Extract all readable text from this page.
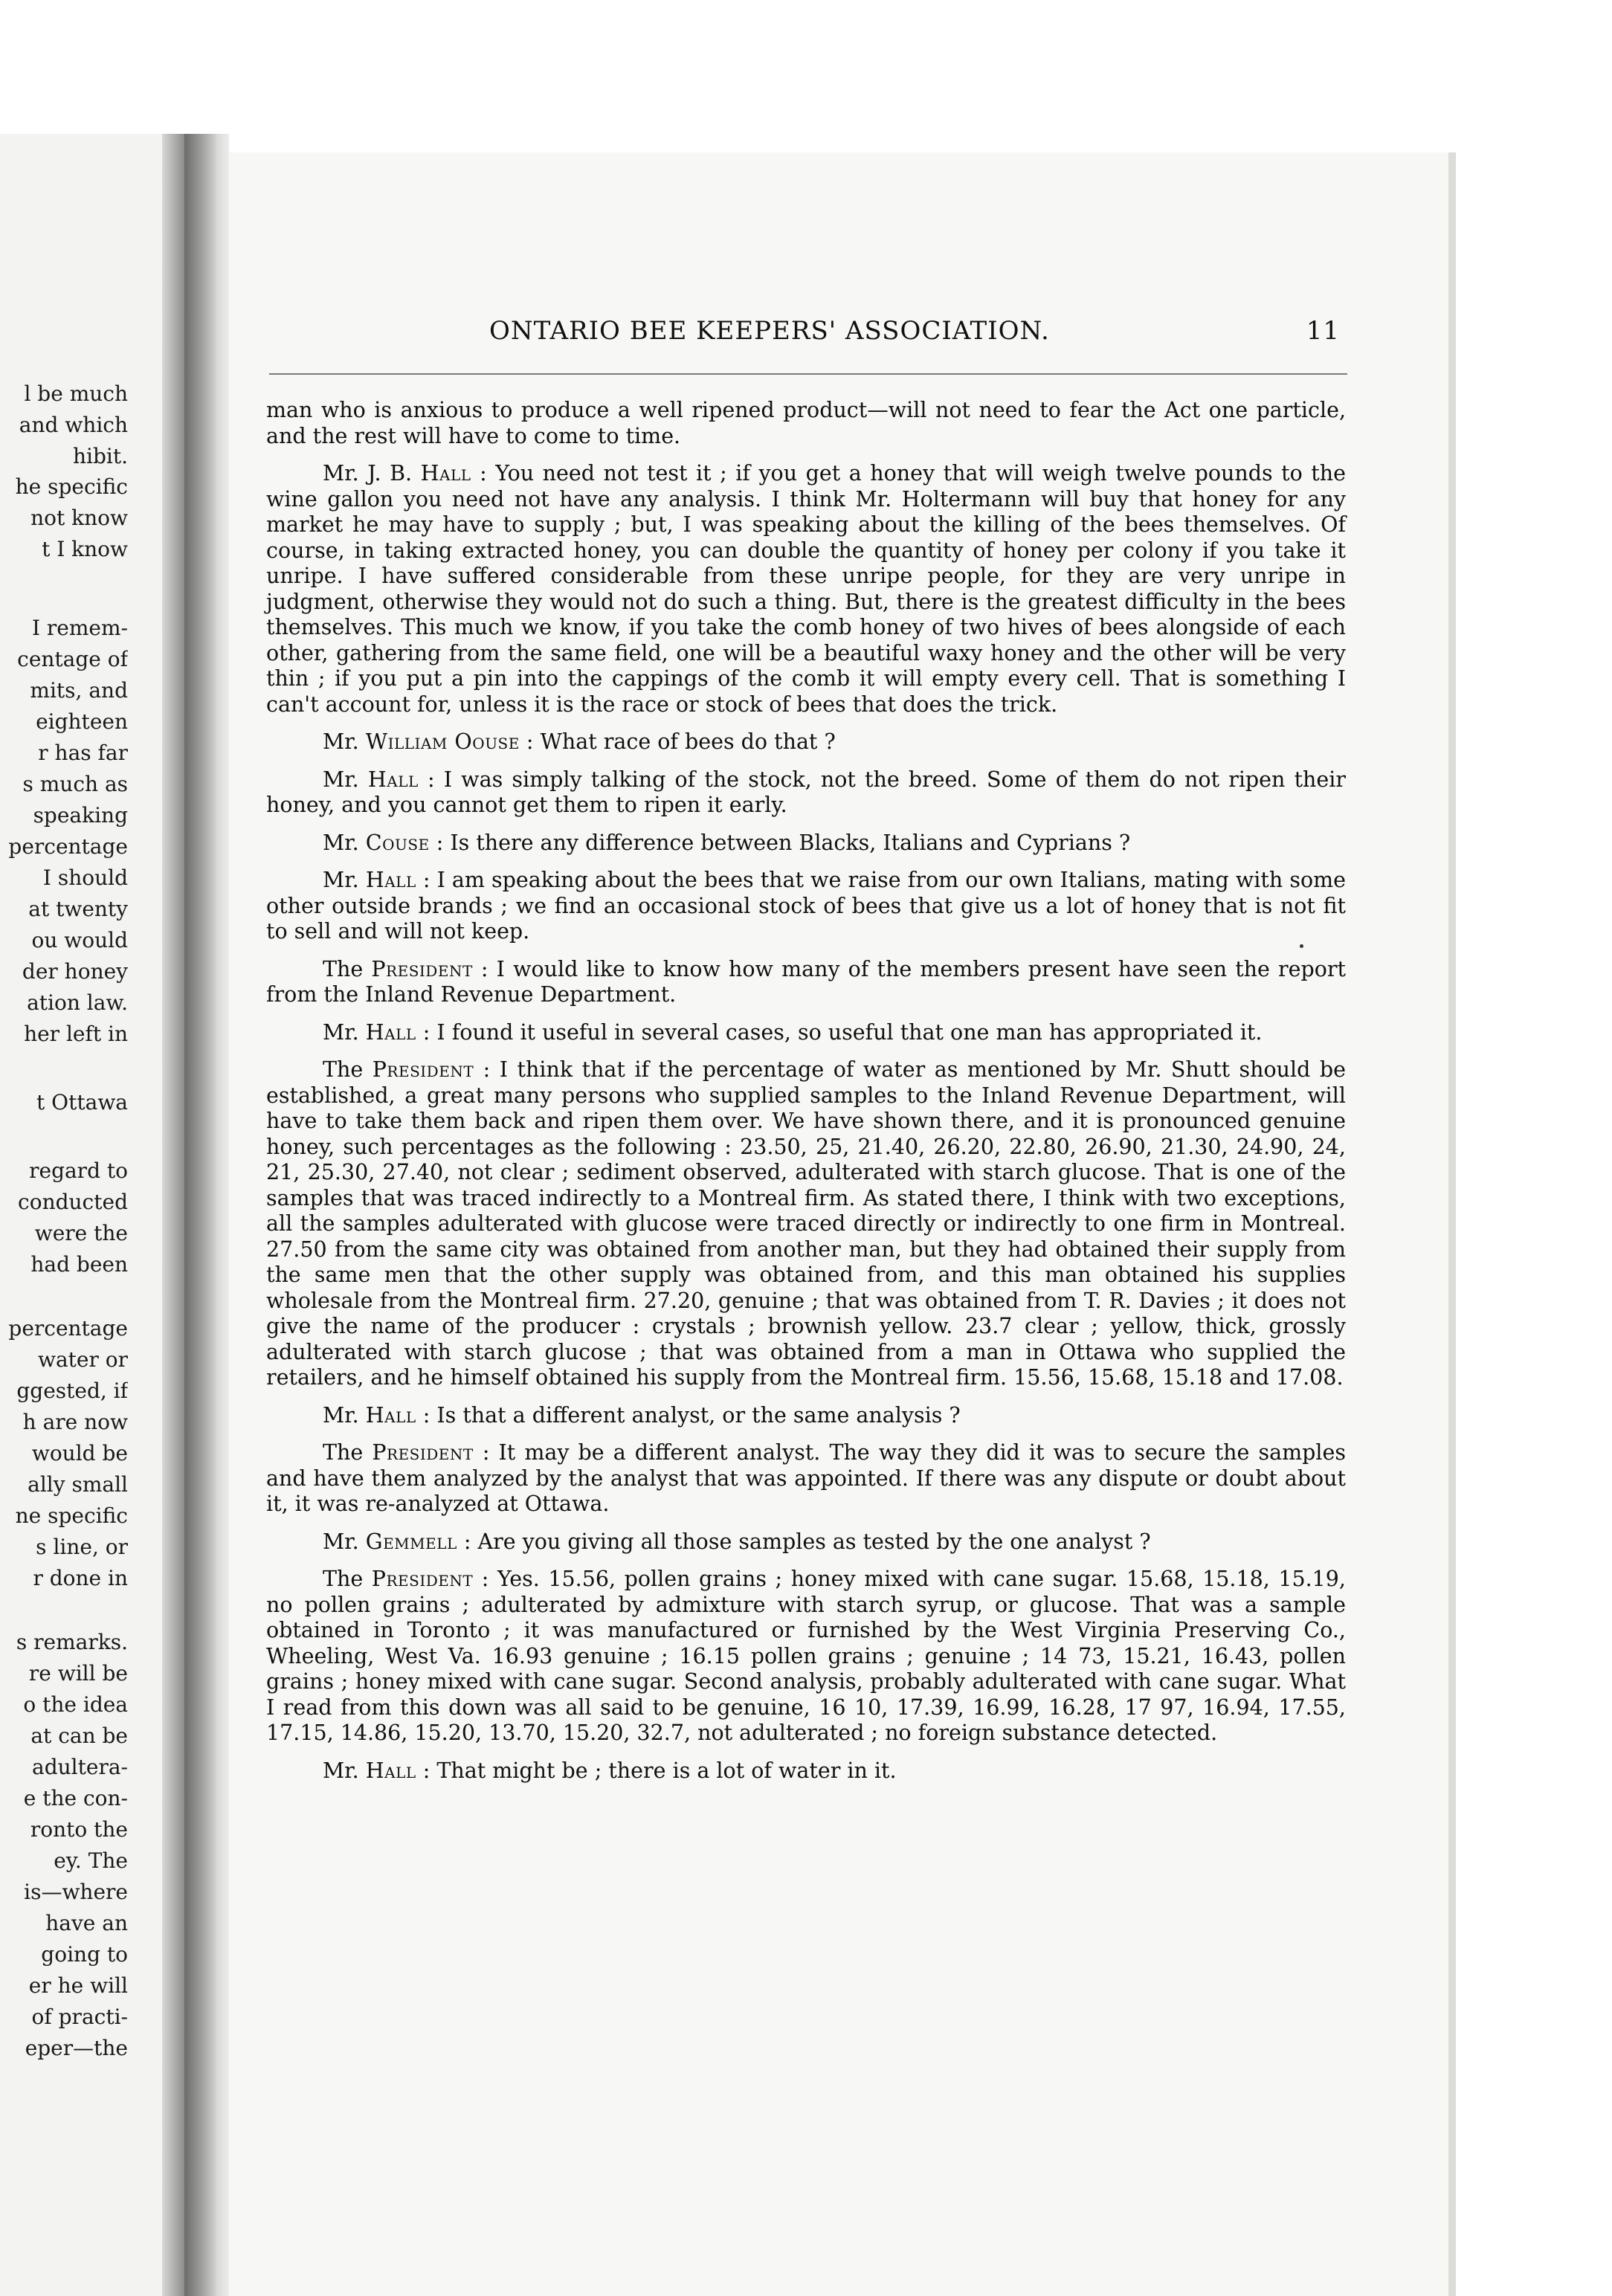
l be much
and which
hibit.
he specific
not know
t I know
I remem-
centage of
mits, and
eighteen
r has far
s much as
speaking
percentage
I should
at twenty
ou would
der honey
ation law.
her left in
t Ottawa
regard to
conducted
were the
had been
percentage
water or
ggested, if
h are now
would be
ally small
ne specific
s line, or
r done in
s remarks.
re will be
o the idea
at can be
adultera-
e the con-
ronto the
ey. The
is—where
have an
going to
er he will
of practi-
eper—the
ONTARIO BEE KEEPERS' ASSOCIATION.	11

man who is anxious to produce a well ripened product—will not need to fear the Act one particle, and the rest will have to come to time.

Mr. J. B. Hall : You need not test it ; if you get a honey that will weigh twelve pounds to the wine gallon you need not have any analysis. I think Mr. Holtermann will buy that honey for any market he may have to supply ; but, I was speaking about the killing of the bees themselves. Of course, in taking extracted honey, you can double the quantity of honey per colony if you take it unripe. I have suffered considerable from these unripe people, for they are very unripe in judgment, otherwise they would not do such a thing. But, there is the greatest difficulty in the bees themselves. This much we know, if you take the comb honey of two hives of bees alongside of each other, gathering from the same field, one will be a beautiful waxy honey and the other will be very thin ; if you put a pin into the cappings of the comb it will empty every cell. That is something I can't account for, unless it is the race or stock of bees that does the trick.

Mr. William Oouse : What race of bees do that ?

Mr. Hall : I was simply talking of the stock, not the breed. Some of them do not ripen their honey, and you cannot get them to ripen it early.

Mr. Couse : Is there any difference between Blacks, Italians and Cyprians ?

Mr. Hall : I am speaking about the bees that we raise from our own Italians, mating with some other outside brands ; we find an occasional stock of bees that give us a lot of honey that is not fit to sell and will not keep.

The President : I would like to know how many of the members present have seen the report from the Inland Revenue Department.

Mr. Hall : I found it useful in several cases, so useful that one man has appropriated it.

The President : I think that if the percentage of water as mentioned by Mr. Shutt should be established, a great many persons who supplied samples to the Inland Revenue Department, will have to take them back and ripen them over. We have shown there, and it is pronounced genuine honey, such percentages as the following : 23.50, 25, 21.40, 26.20, 22.80, 26.90, 21.30, 24.90, 24, 21, 25.30, 27.40, not clear ; sediment observed, adulterated with starch glucose. That is one of the samples that was traced indirectly to a Montreal firm. As stated there, I think with two exceptions, all the samples adulterated with glucose were traced directly or indirectly to one firm in Montreal. 27.50 from the same city was obtained from another man, but they had obtained their supply from the same men that the other supply was obtained from, and this man obtained his supplies wholesale from the Montreal firm. 27.20, genuine ; that was obtained from T. R. Davies ; it does not give the name of the producer : crystals ; brownish yellow. 23.7 clear ; yellow, thick, grossly adulterated with starch glucose ; that was obtained from a man in Ottawa who supplied the retailers, and he himself obtained his supply from the Montreal firm. 15.56, 15.68, 15.18 and 17.08.

Mr. Hall : Is that a different analyst, or the same analysis ?

The President : It may be a different analyst. The way they did it was to secure the samples and have them analyzed by the analyst that was appointed. If there was any dispute or doubt about it, it was re-analyzed at Ottawa.

Mr. Gemmell : Are you giving all those samples as tested by the one analyst ?

The President : Yes. 15.56, pollen grains ; honey mixed with cane sugar. 15.68, 15.18, 15.19, no pollen grains ; adulterated by admixture with starch syrup, or glucose. That was a sample obtained in Toronto ; it was manufactured or furnished by the West Virginia Preserving Co., Wheeling, West Va. 16.93 genuine ; 16.15 pollen grains ; genuine ; 14 73, 15.21, 16.43, pollen grains ; honey mixed with cane sugar. Second analysis, probably adulterated with cane sugar. What I read from this down was all said to be genuine, 16 10, 17.39, 16.99, 16.28, 17 97, 16.94, 17.55, 17.15, 14.86, 15.20, 13.70, 15.20, 32.7, not adulterated ; no foreign substance detected.

Mr. Hall : That might be ; there is a lot of water in it.
